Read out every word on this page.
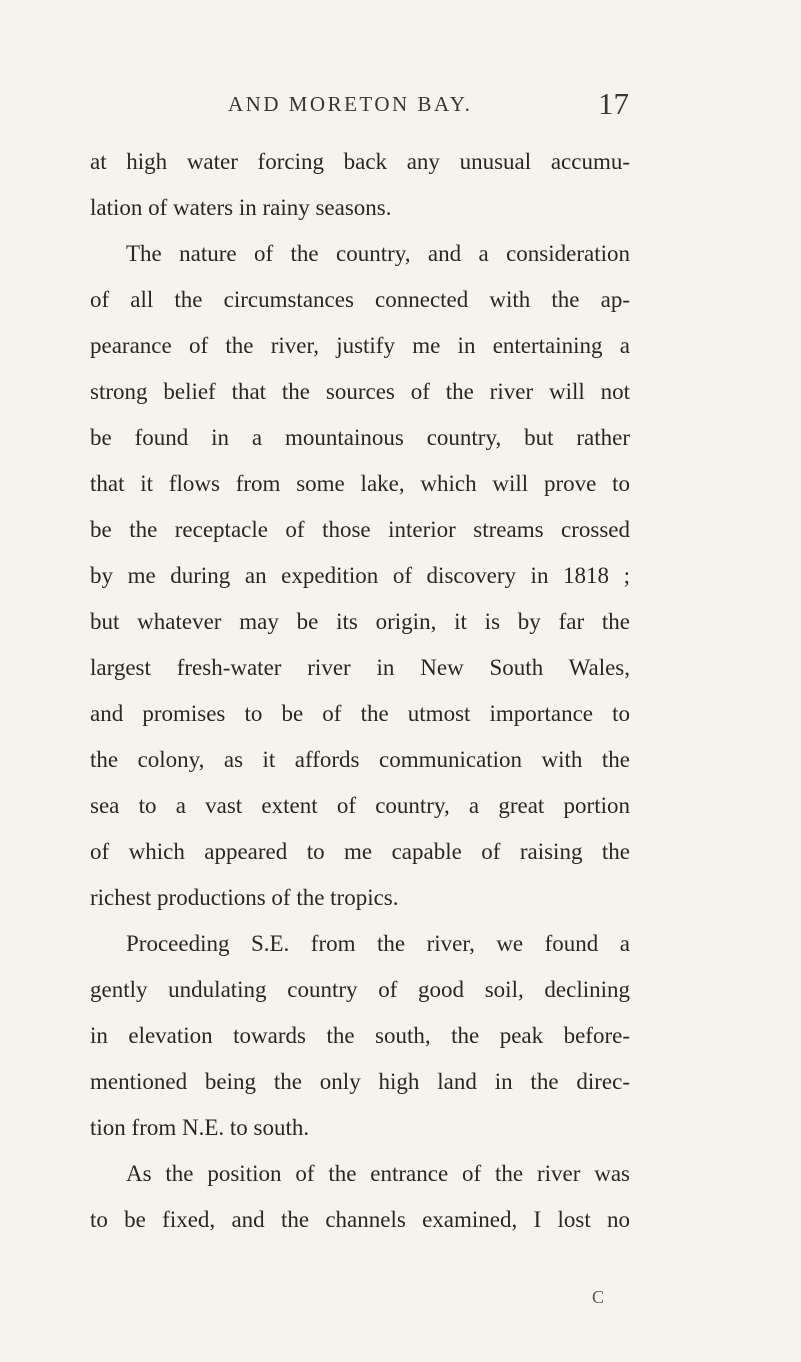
AND MORETON BAY.	17
at high water forcing back any unusual accumu-
lation of waters in rainy seasons.
The nature of the country, and a consideration
of all the circumstances connected with the ap-
pearance of the river, justify me in entertaining a
strong belief that the sources of the river will not
be found in a mountainous country, but rather
that it flows from some lake, which will prove to
be the receptacle of those interior streams crossed
by me during an expedition of discovery in 1818 ;
but whatever may be its origin, it is by far the
largest fresh-water river in New South Wales,
and promises to be of the utmost importance to
the colony, as it affords communication with the
sea to a vast extent of country, a great portion
of which appeared to me capable of raising the
richest productions of the tropics.
Proceeding S.E. from the river, we found a
gently undulating country of good soil, declining
in elevation towards the south, the peak before-
mentioned being the only high land in the direc-
tion from N.E. to south.
As the position of the entrance of the river was
to be fixed, and the channels examined, I lost no
C
